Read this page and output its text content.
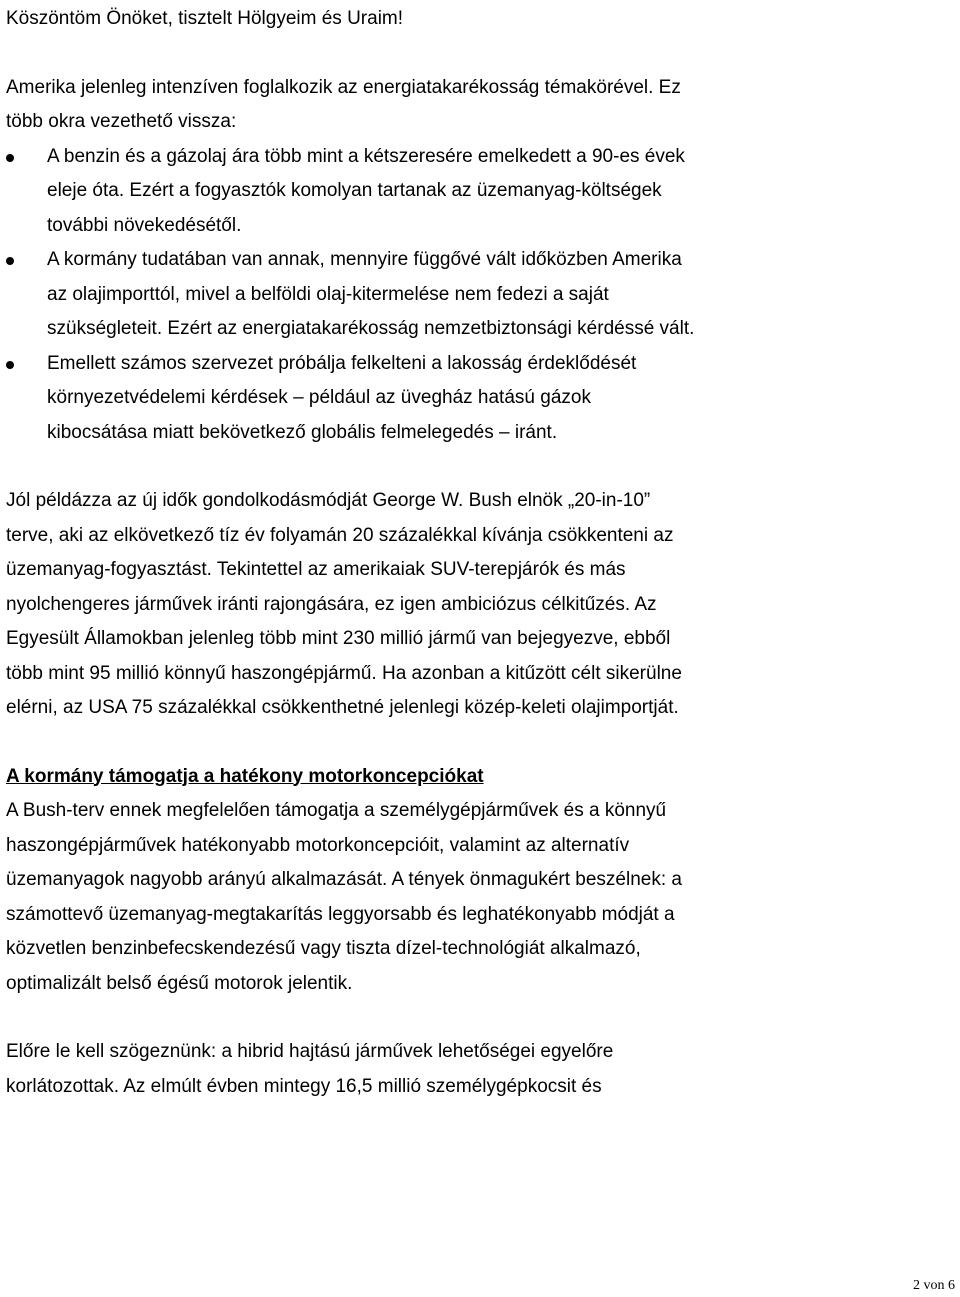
Köszöntöm Önöket, tisztelt Hölgyeim és Uraim!

Amerika jelenleg intenzíven foglalkozik az energiatakarékosság témakörével. Ez több okra vezethető vissza:

A benzin és a gázolaj ára több mint a kétszeresére emelkedett a 90-es évek eleje óta. Ezért a fogyasztók komolyan tartanak az üzemanyag-költségek további növekedésétől.
A kormány tudatában van annak, mennyire függővé vált időközben Amerika az olajimporttól, mivel a belföldi olaj-kitermelése nem fedezi a saját szükségleteit. Ezért az energiatakarékosság nemzetbiztonsági kérdéssé vált.
Emellett számos szervezet próbálja felkelteni a lakosság érdeklődését környezetvédelemi kérdések – például az üvegház hatású gázok kibocsátása miatt bekövetkező globális felmelegedés – iránt.

Jól példázza az új idők gondolkodásmódját George W. Bush elnök „20-in-10” terve, aki az elkövetkező tíz év folyamán 20 százalékkal kívánja csökkenteni az üzemanyag-fogyasztást. Tekintettel az amerikaiak SUV-terepjárók és más nyolchengeres járművek iránti rajongására, ez igen ambiciózus célkitűzés. Az Egyesült Államokban jelenleg több mint 230 millió jármű van bejegyezve, ebből több mint 95 millió könnyű haszongépjármű. Ha azonban a kitűzött célt sikerülne elérni, az USA 75 százalékkal csökkenthetné jelenlegi közép-keleti olajimportját.

A kormány támogatja a hatékony motorkoncepciókat

A Bush-terv ennek megfelelően támogatja a személygépjárművek és a könnyű haszongépjárművek hatékonyabb motorkoncepcióit, valamint az alternatív üzemanyagok nagyobb arányú alkalmazását. A tények önmagukért beszélnek: a számottevő üzemanyag-megtakarítás leggyorsabb és leghatékonyabb módját a közvetlen benzinbefecskendezésű vagy tiszta dízel-technológiát alkalmazó, optimalizált belső égésű motorok jelentik.

Előre le kell szögeznünk: a hibrid hajtású járművek lehetőségei egyelőre korlátozottak. Az elmúlt évben mintegy 16,5 millió személygépkocsit és

2 von 6
